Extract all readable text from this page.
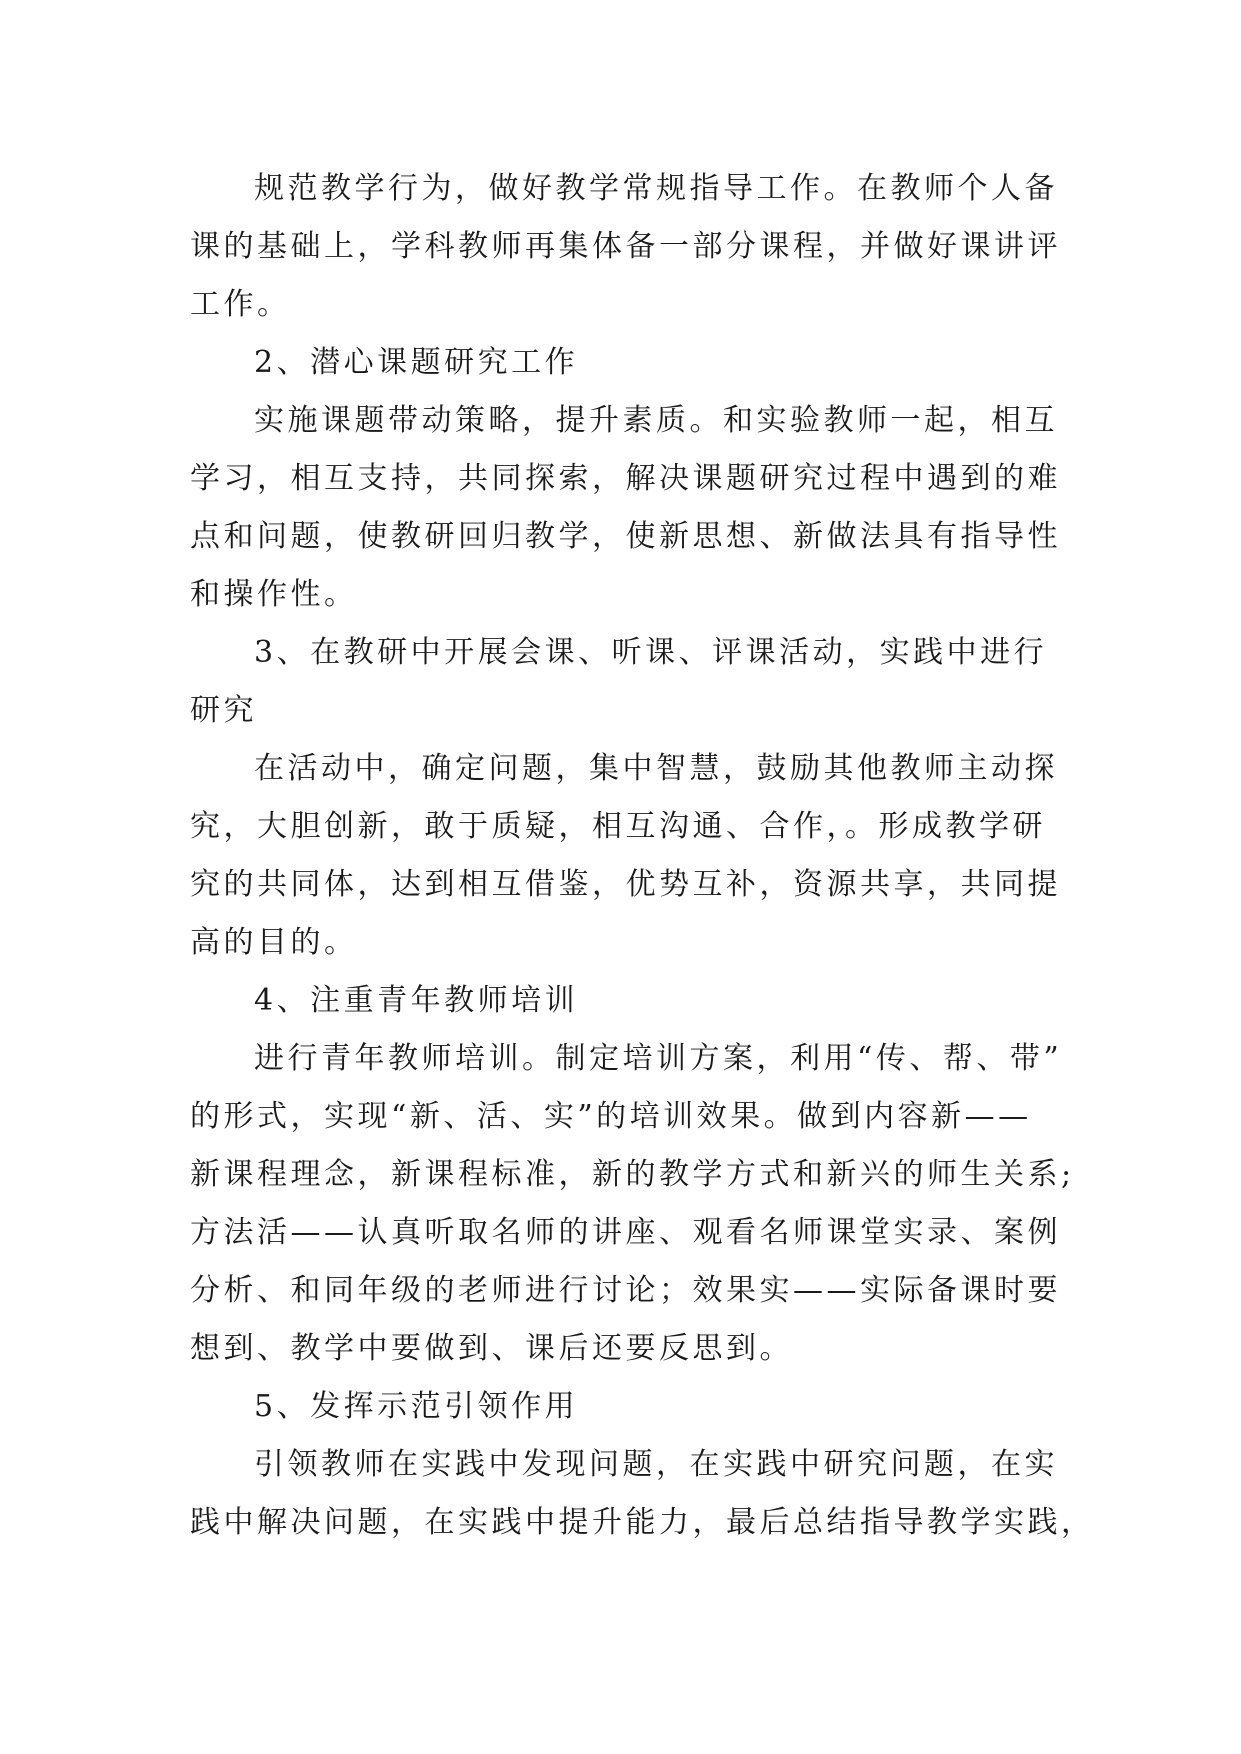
规范教学行为，做好教学常规指导工作。在教师个人备
课的基础上，学科教师再集体备一部分课程，并做好课讲评
工作。
2、潜心课题研究工作
实施课题带动策略，提升素质。和实验教师一起，相互
学习，相互支持，共同探索，解决课题研究过程中遇到的难
点和问题，使教研回归教学，使新思想、新做法具有指导性
和操作性。
3、在教研中开展会课、听课、评课活动，实践中进行
研究
在活动中，确定问题，集中智慧，鼓励其他教师主动探
究，大胆创新，敢于质疑，相互沟通、合作，。形成教学研
究的共同体，达到相互借鉴，优势互补，资源共享，共同提
高的目的。
4、注重青年教师培训
进行青年教师培训。制定培训方案，利用“传、帮、带”
的形式，实现“新、活、实”的培训效果。做到内容新——
新课程理念，新课程标准，新的教学方式和新兴的师生关系;
方法活——认真听取名师的讲座、观看名师课堂实录、案例
分析、和同年级的老师进行讨论；效果实——实际备课时要
想到、教学中要做到、课后还要反思到。
5、发挥示范引领作用
引领教师在实践中发现问题，在实践中研究问题，在实
践中解决问题，在实践中提升能力，最后总结指导教学实践，
